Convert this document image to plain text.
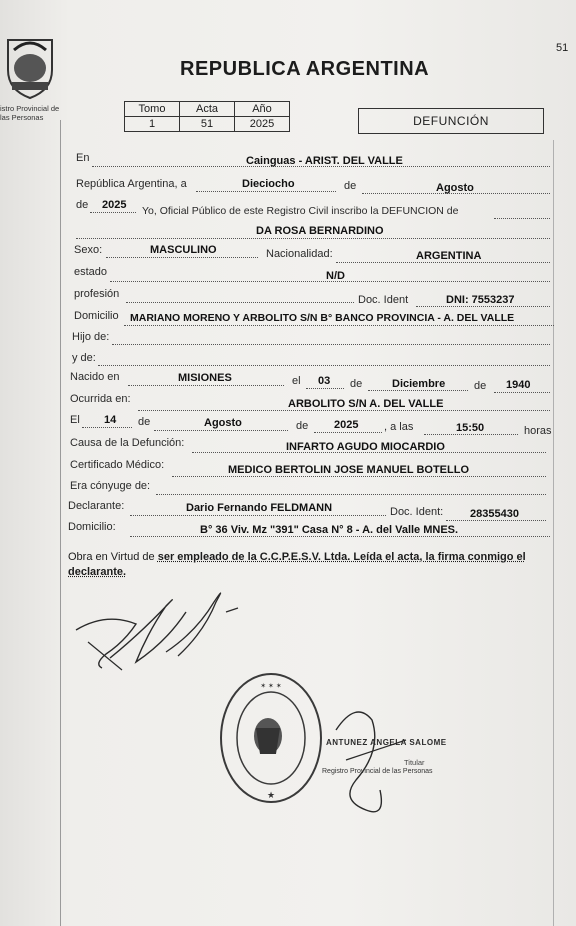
istro Provincial de las Personas
51
REPUBLICA ARGENTINA
Tomo	Acta	Año
1	51	2025	DEFUNCIÓN
En	Cainguas - ARIST. DEL VALLE
República Argentina, a	Dieciocho	de	Agosto
de 2025 Yo, Oficial Público de este Registro Civil inscribo la DEFUNCION de
DA ROSA BERNARDINO
Sexo:	MASCULINO	Nacionalidad:	ARGENTINA
estado	N/D
profesión	Doc. Ident	DNI: 7553237
Domicilio MARIANO MORENO Y ARBOLITO S/N B° BANCO PROVINCIA - A. DEL VALLE
Hijo de:
y de:
Nacido en	MISIONES	el 03 de	Diciembre	de 1940
Ocurrida en:	ARBOLITO S/N A. DEL VALLE
El 14 de	Agosto	de 2025 , a las	15:50	horas
Causa de la Defunción:	INFARTO AGUDO MIOCARDIO
Certificado Médico:	MEDICO BERTOLIN JOSE MANUEL BOTELLO
Era cónyuge de:
Declarante:	Dario Fernando FELDMANN	Doc. Ident: 28355430
Domicilio:	B° 36 Viv. Mz "391" Casa N° 8 - A. del Valle MNES.
Obra en Virtud de ser empleado de la C.C.P.E.S.V. Ltda. Leída el acta, la firma conmigo el
declarante.
✶ ✶ ✶
★
ANTUNEZ ANGELA SALOME
Titular
Registro Provincial de las Personas
